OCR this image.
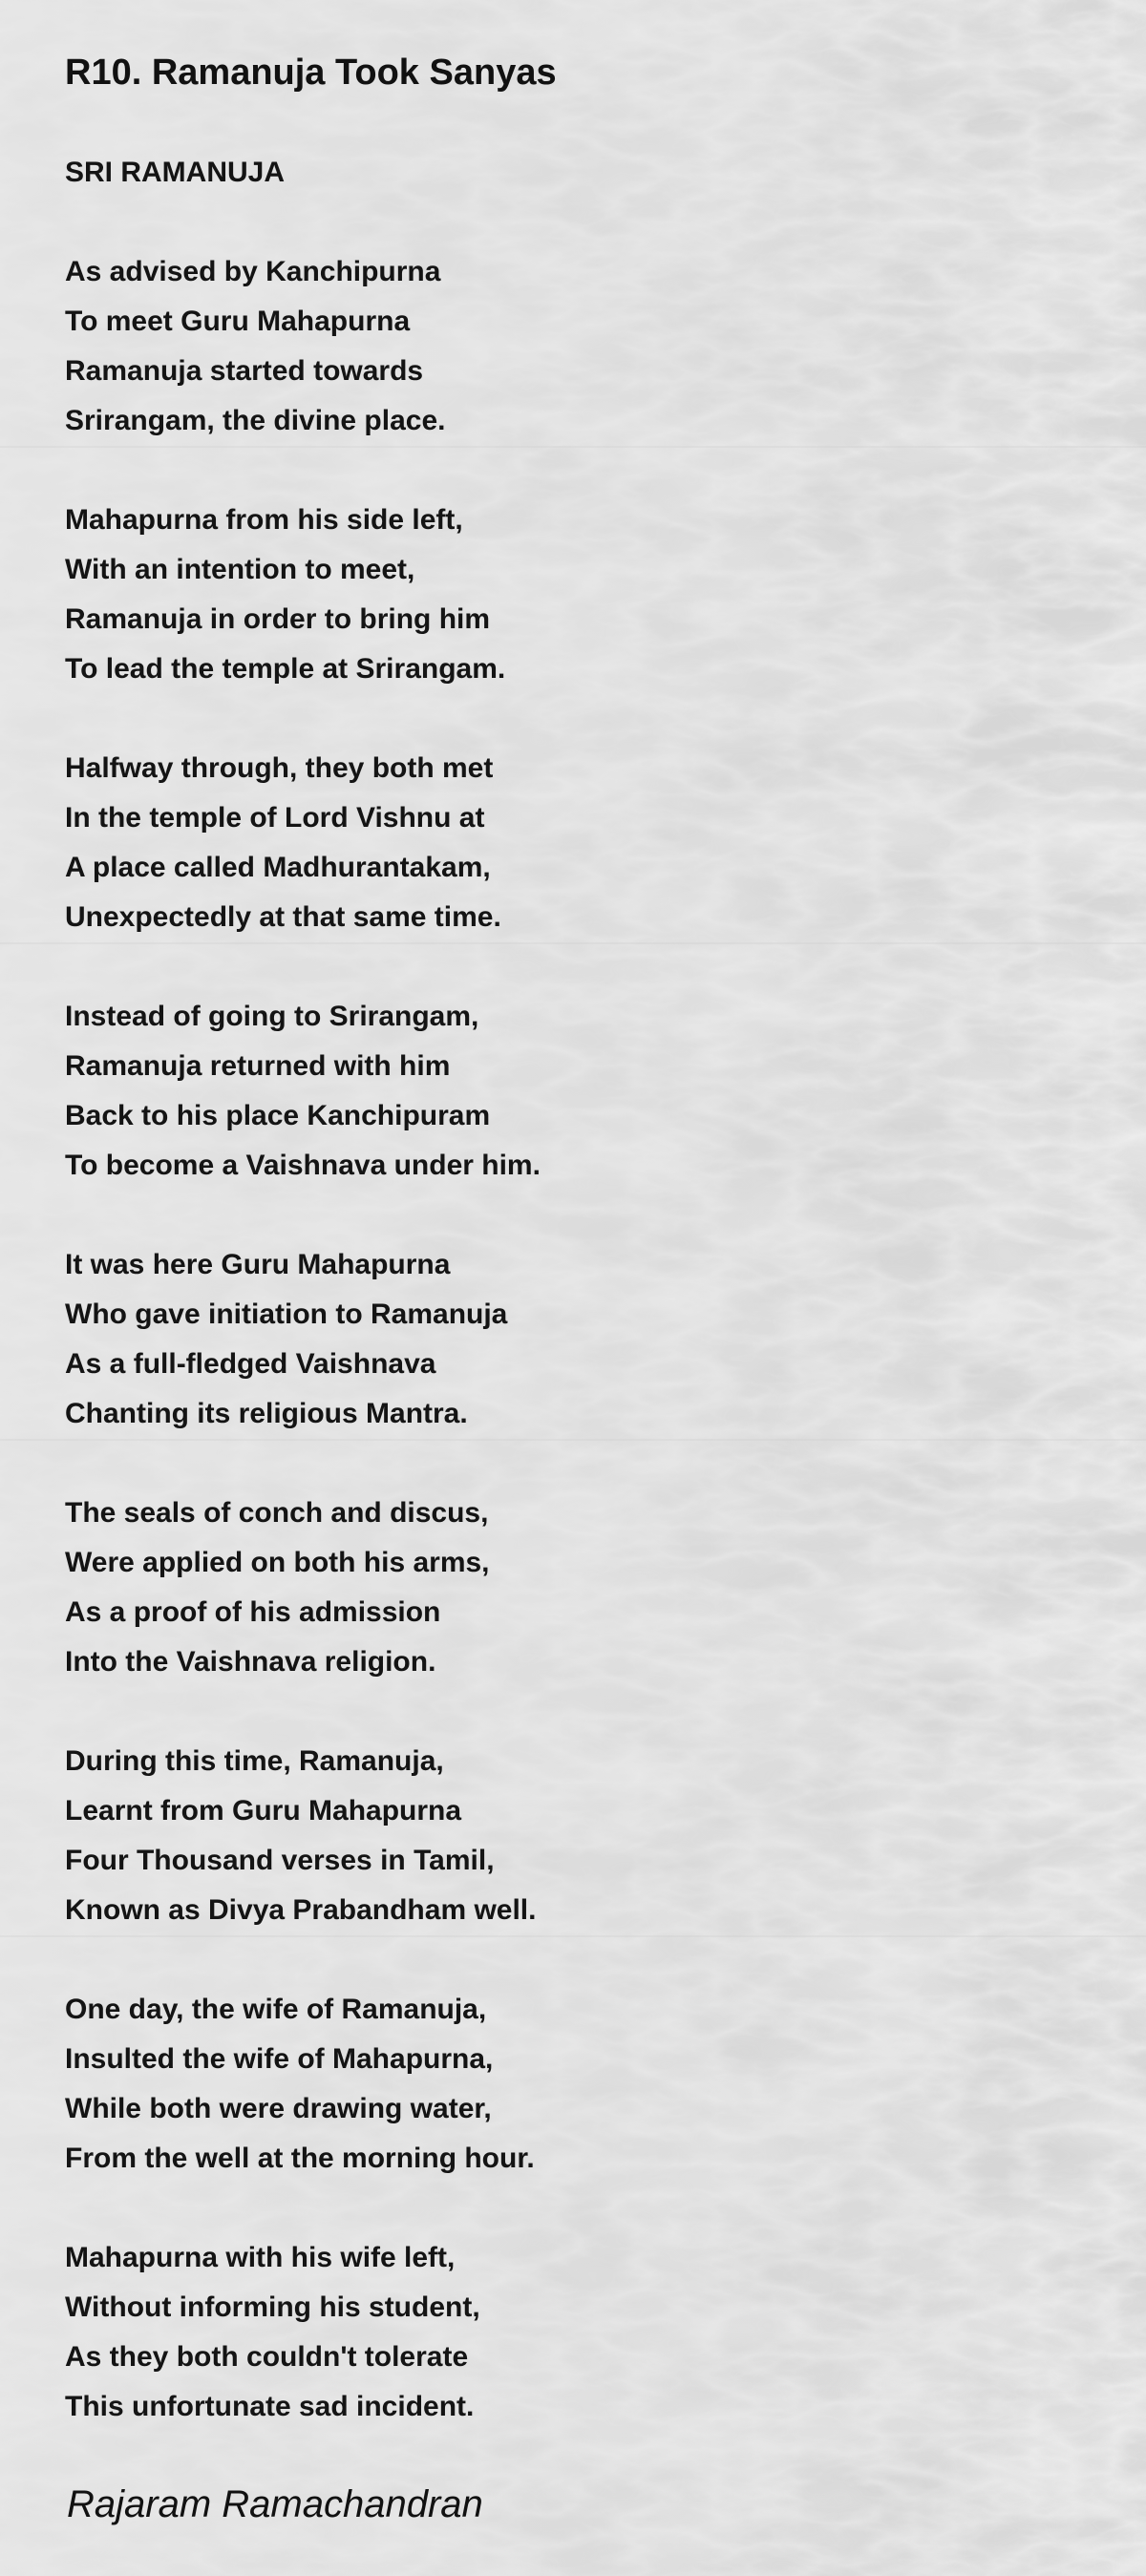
R10. Ramanuja Took Sanyas
SRI RAMANUJA
As advised by Kanchipurna
To meet Guru Mahapurna
Ramanuja started towards
Srirangam, the divine place.
Mahapurna from his side left,
With an intention to meet,
Ramanuja in order to bring him
To lead the temple at Srirangam.
Halfway through, they both met
In the temple of Lord Vishnu at
A place called Madhurantakam,
Unexpectedly at that same time.
Instead of going to Srirangam,
Ramanuja returned with him
Back to his place Kanchipuram
To become a Vaishnava under him.
It was here Guru Mahapurna
Who gave initiation to Ramanuja
As a full-fledged Vaishnava
Chanting its religious Mantra.
The seals of conch and discus,
Were applied on both his arms,
As a proof of his admission
Into the Vaishnava religion.
During this time, Ramanuja,
Learnt from Guru Mahapurna
Four Thousand verses in Tamil,
Known as Divya Prabandham well.
One day, the wife of Ramanuja,
Insulted the wife of Mahapurna,
While both were drawing water,
From the well at the morning hour.
Mahapurna with his wife left,
Without informing his student,
As they both couldn't tolerate
This unfortunate sad incident.
Rajaram Ramachandran
